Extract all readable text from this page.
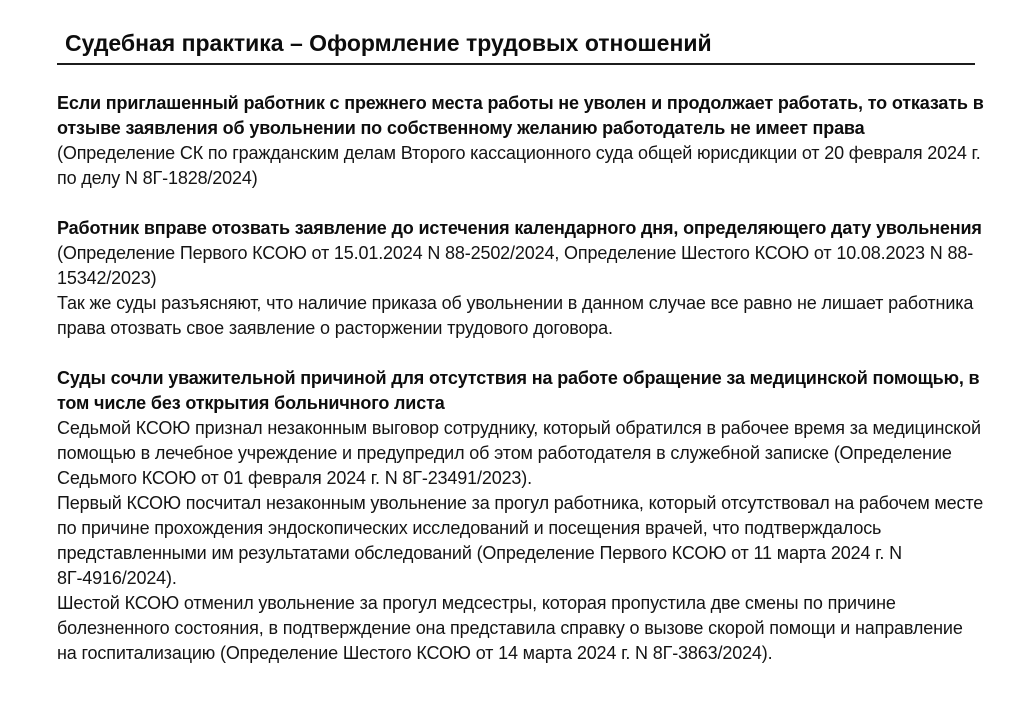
Судебная практика – Оформление трудовых отношений

Если приглашенный работник с прежнего места работы не уволен и продолжает работать, то отказать в отзыве заявления об увольнении по собственному желанию работодатель не имеет права

(Определение СК по гражданским делам Второго кассационного суда общей юрисдикции от 20 февраля 2024 г. по делу N 8Г-1828/2024)

Работник вправе отозвать заявление до истечения календарного дня, определяющего дату увольнения

(Определение Первого КСОЮ от 15.01.2024 N 88-2502/2024, Определение Шестого КСОЮ от 10.08.2023 N 88-15342/2023)

Так же суды разъясняют, что наличие приказа об увольнении в данном случае все равно не лишает работника права отозвать свое заявление о расторжении трудового договора.

Суды сочли уважительной причиной для отсутствия на работе обращение за медицинской помощью, в том числе без открытия больничного листа

Седьмой КСОЮ признал незаконным выговор сотруднику, который обратился в рабочее время за медицинской помощью в лечебное учреждение и предупредил об этом работодателя в служебной записке (Определение Седьмого КСОЮ от 01 февраля 2024 г. N 8Г-23491/2023).

Первый КСОЮ посчитал незаконным увольнение за прогул работника, который отсутствовал на рабочем месте по причине прохождения эндоскопических исследований и посещения врачей, что подтверждалось представленными им результатами обследований (Определение Первого КСОЮ от 11 марта 2024 г. N 8Г-4916/2024).

Шестой КСОЮ отменил увольнение за прогул медсестры, которая пропустила две смены по причине болезненного состояния, в подтверждение она представила справку о вызове скорой помощи и направление на госпитализацию (Определение Шестого КСОЮ от 14 марта 2024 г. N 8Г-3863/2024).
